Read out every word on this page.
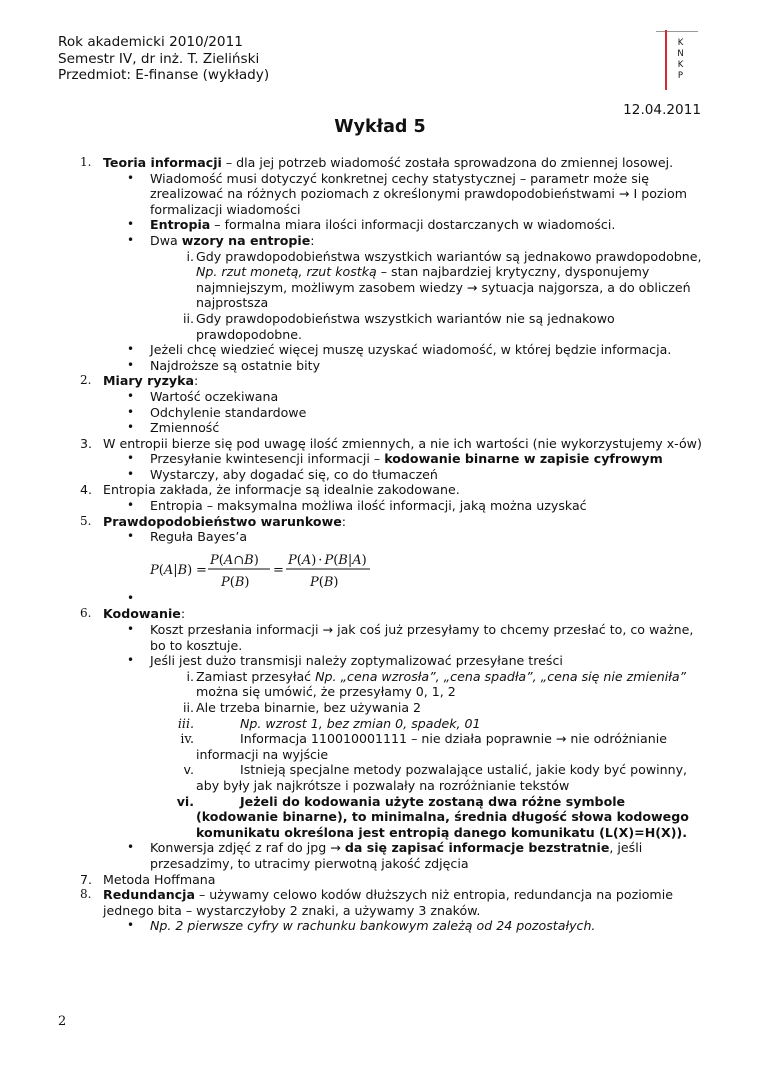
Rok akademicki 2010/2011
Semestr IV, dr inż. T. Zieliński
Przedmiot: E-finanse (wykłady)
K
N
K
P
12.04.2011
Wykład 5
1. Teoria informacji – dla jej potrzeb wiadomość została sprowadzona do zmiennej losowej.
• Wiadomość musi dotyczyć konkretnej cechy statystycznej – parametr może się zrealizować na różnych poziomach z określonymi prawdopodobieństwami → I poziom formalizacji wiadomości
• Entropia – formalna miara ilości informacji dostarczanych w wiadomości.
• Dwa wzory na entropie:
i. Gdy prawdopodobieństwa wszystkich wariantów są jednakowo prawdopodobne, Np. rzut monetą, rzut kostką – stan najbardziej krytyczny, dysponujemy najmniejszym, możliwym zasobem wiedzy → sytuacja najgorsza, a do obliczeń najprostsza
ii. Gdy prawdopodobieństwa wszystkich wariantów nie są jednakowo prawdopodobne.
• Jeżeli chcę wiedzieć więcej muszę uzyskać wiadomość, w której będzie informacja.
• Najdroższe są ostatnie bity
2. Miary ryzyka:
• Wartość oczekiwana
• Odchylenie standardowe
• Zmienność
3. W entropii bierze się pod uwagę ilość zmiennych, a nie ich wartości (nie wykorzystujemy x-ów)
• Przesyłanie kwintesencji informacji – kodowanie binarne w zapisie cyfrowym
• Wystarczy, aby dogadać się, co do tłumaczeń
4. Entropia zakłada, że informacje są idealnie zakodowane.
• Entropia – maksymalna możliwa ilość informacji, jaką można uzyskać
5. Prawdopodobieństwo warunkowe:
• Reguła Bayes’a
P(A|B) =
P(A∩B)
P(B)
=
P(A) · P(B|A)
P(B)
•

6. Kodowanie:
• Koszt przesłania informacji → jak coś już przesyłamy to chcemy przesłać to, co ważne, bo to kosztuje.
• Jeśli jest dużo transmisji należy zoptymalizować przesyłane treści
i. Zamiast przesyłać Np. „cena wzrosła”, „cena spadła”, „cena się nie zmieniła” można się umówić, że przesyłamy 0, 1, 2
ii. Ale trzeba binarnie, bez używania 2
iii.	Np. wzrost 1, bez zmian 0, spadek, 01
iv.	Informacja 110010001111 – nie działa poprawnie → nie odróżnianie informacji na wyjście
v.	Istnieją specjalne metody pozwalające ustalić, jakie kody być powinny, aby były jak najkrótsze i pozwalały na rozróżnianie tekstów
vi.	Jeżeli do kodowania użyte zostaną dwa różne symbole (kodowanie binarne), to minimalna, średnia długość słowa kodowego komunikatu określona jest entropią danego komunikatu (L(X)=H(X)).
• Konwersja zdjęć z raf do jpg → da się zapisać informacje bezstratnie, jeśli przesadzimy, to utracimy pierwotną jakość zdjęcia
7. Metoda Hoffmana
8. Redundancja – używamy celowo kodów dłuższych niż entropia, redundancja na poziomie jednego bita – wystarczyłoby 2 znaki, a używamy 3 znaków.
• Np. 2 pierwsze cyfry w rachunku bankowym zależą od 24 pozostałych.
2
